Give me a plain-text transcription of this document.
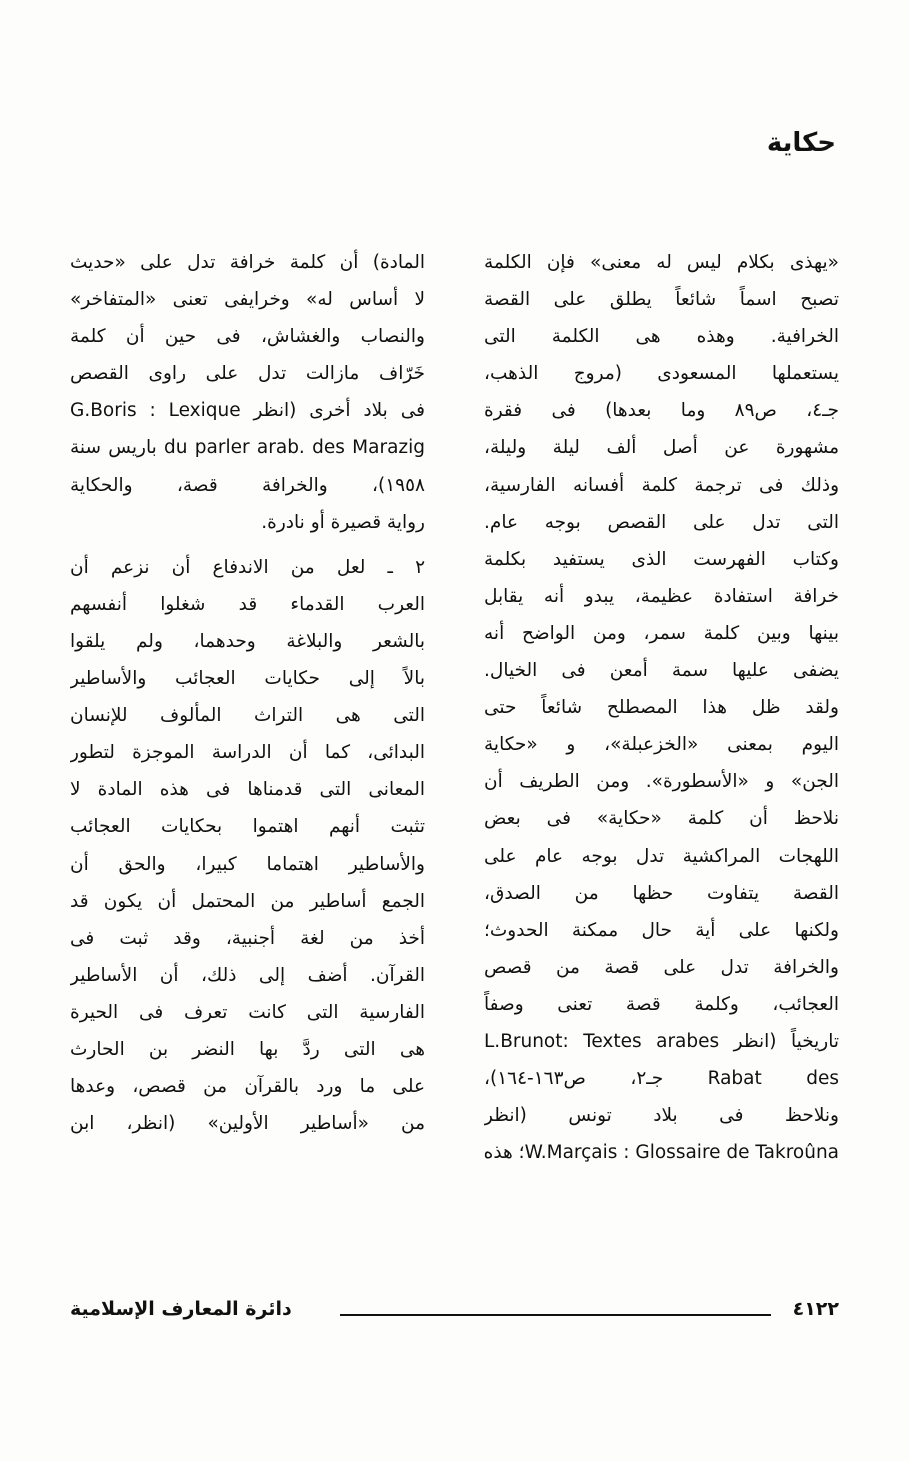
حكاية
«يهذى بكلام ليس له معنى» فإن الكلمة
تصبح اسماً شائعاً يطلق على القصة
الخرافية. وهذه هى الكلمة التى
يستعملها المسعودى (مروج الذهب،
جـ٤، ص٨٩ وما بعدها) فى فقرة
مشهورة عن أصل ألف ليلة وليلة،
وذلك فى ترجمة كلمة أفسانه الفارسية،
التى تدل على القصص بوجه عام.
وكتاب الفهرست الذى يستفيد بكلمة
خرافة استفادة عظيمة، يبدو أنه يقابل
بينها وبين كلمة سمر، ومن الواضح أنه
يضفى عليها سمة أمعن فى الخيال.
ولقد ظل هذا المصطلح شائعاً حتى
اليوم بمعنى «الخزعبلة»، و «حكاية
الجن» و «الأسطورة». ومن الطريف أن
نلاحظ أن كلمة «حكاية» فى بعض
اللهجات المراكشية تدل بوجه عام على
القصة يتفاوت حظها من الصدق،
ولكنها على أية حال ممكنة الحدوث؛
والخرافة تدل على قصة من قصص
العجائب، وكلمة قصة تعنى وصفاً
تاريخياً (انظر L.Brunot: Textes arabes
Rabat des جـ٢، ص١٦٣-١٦٤)،
ونلاحظ فى بلاد تونس (انظر
W.Marçais : Glossaire de Takroûna؛ هذه
المادة) أن كلمة خرافة تدل على «حديث
لا أساس له» وخرايفى تعنى «المتفاخر»
والنصاب والغشاش، فى حين أن كلمة
خَرّاف مازالت تدل على راوى القصص
فى بلاد أخرى (انظر G.Boris : Lexique
du parler arab. des Marazig باريس سنة
١٩٥٨)، والخرافة قصة، والحكاية
رواية قصيرة أو نادرة.
٢ ـ لعل من الاندفاع أن نزعم أن
العرب القدماء قد شغلوا أنفسهم
بالشعر والبلاغة وحدهما، ولم يلقوا
بالاً إلى حكايات العجائب والأساطير
التى هى التراث المألوف للإنسان
البدائى، كما أن الدراسة الموجزة لتطور
المعانى التى قدمناها فى هذه المادة لا
تثبت أنهم اهتموا بحكايات العجائب
والأساطير اهتماما كبيرا، والحق أن
الجمع أساطير من المحتمل أن يكون قد
أخذ من لغة أجنبية، وقد ثبت فى
القرآن. أضف إلى ذلك، أن الأساطير
الفارسية التى كانت تعرف فى الحيرة
هى التى ردَّ بها النضر بن الحارث
على ما ورد بالقرآن من قصص، وعدها
من «أساطير الأولين» (انظر، ابن
٤١٢٢
دائرة المعارف الإسلامية
